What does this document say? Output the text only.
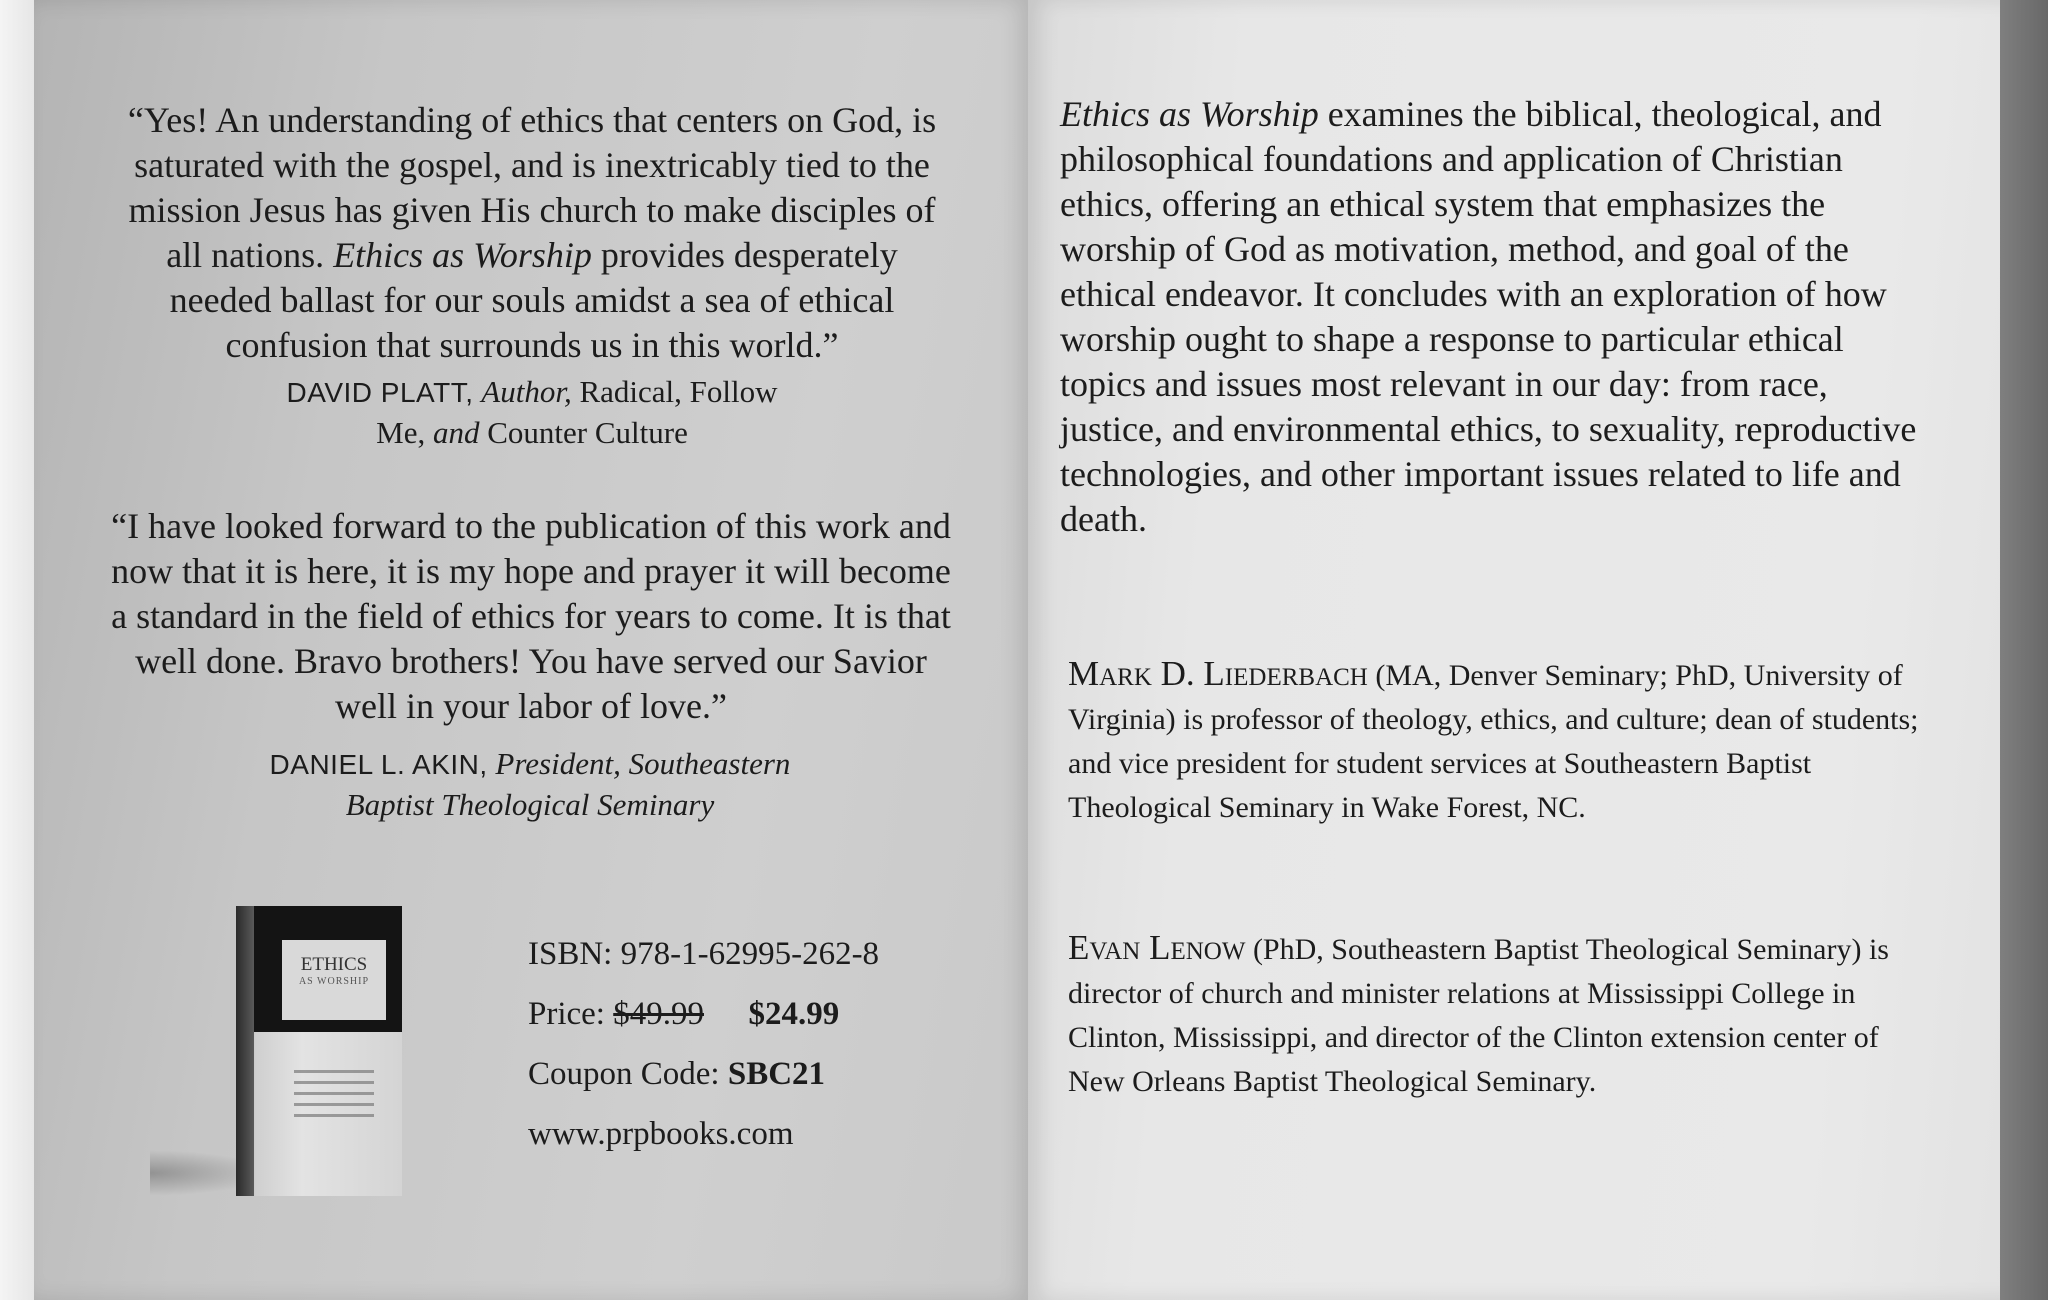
“Yes! An understanding of ethics that centers on God, is saturated with the gospel, and is inextricably tied to the mission Jesus has given His church to make disciples of all nations. Ethics as Worship provides desperately needed ballast for our souls amidst a sea of ethical confusion that surrounds us in this world.”

DAVID PLATT, Author, Radical, Follow
Me, and Counter Culture

“I have looked forward to the publication of this work and now that it is here, it is my hope and prayer it will become a standard in the field of ethics for years to come. It is that well done. Bravo brothers! You have served our Savior well in your labor of love.”

DANIEL L. AKIN, President, Southeastern
Baptist Theological Seminary
ETHICS
AS WORSHIP
ISBN: 978-1-62995-262-8
Price: $49.99 $24.99
Coupon Code: SBC21
www.prpbooks.com

Ethics as Worship examines the biblical, theological, and philosophical foundations and application of Christian ethics, offering an ethical system that emphasizes the worship of God as motivation, method, and goal of the ethical endeavor. It concludes with an exploration of how worship ought to shape a response to particular ethical topics and issues most relevant in our day: from race, justice, and environmental ethics, to sexuality, reproductive technologies, and other important issues related to life and death.

Mark D. Liederbach (MA, Denver Seminary; PhD, University of Virginia) is professor of theology, ethics, and culture; dean of students; and vice president for student services at Southeastern Baptist Theological Seminary in Wake Forest, NC.

Evan Lenow (PhD, Southeastern Baptist Theological Seminary) is director of church and minister relations at Mississippi College in Clinton, Mississippi, and director of the Clinton extension center of New Orleans Baptist Theological Seminary.
